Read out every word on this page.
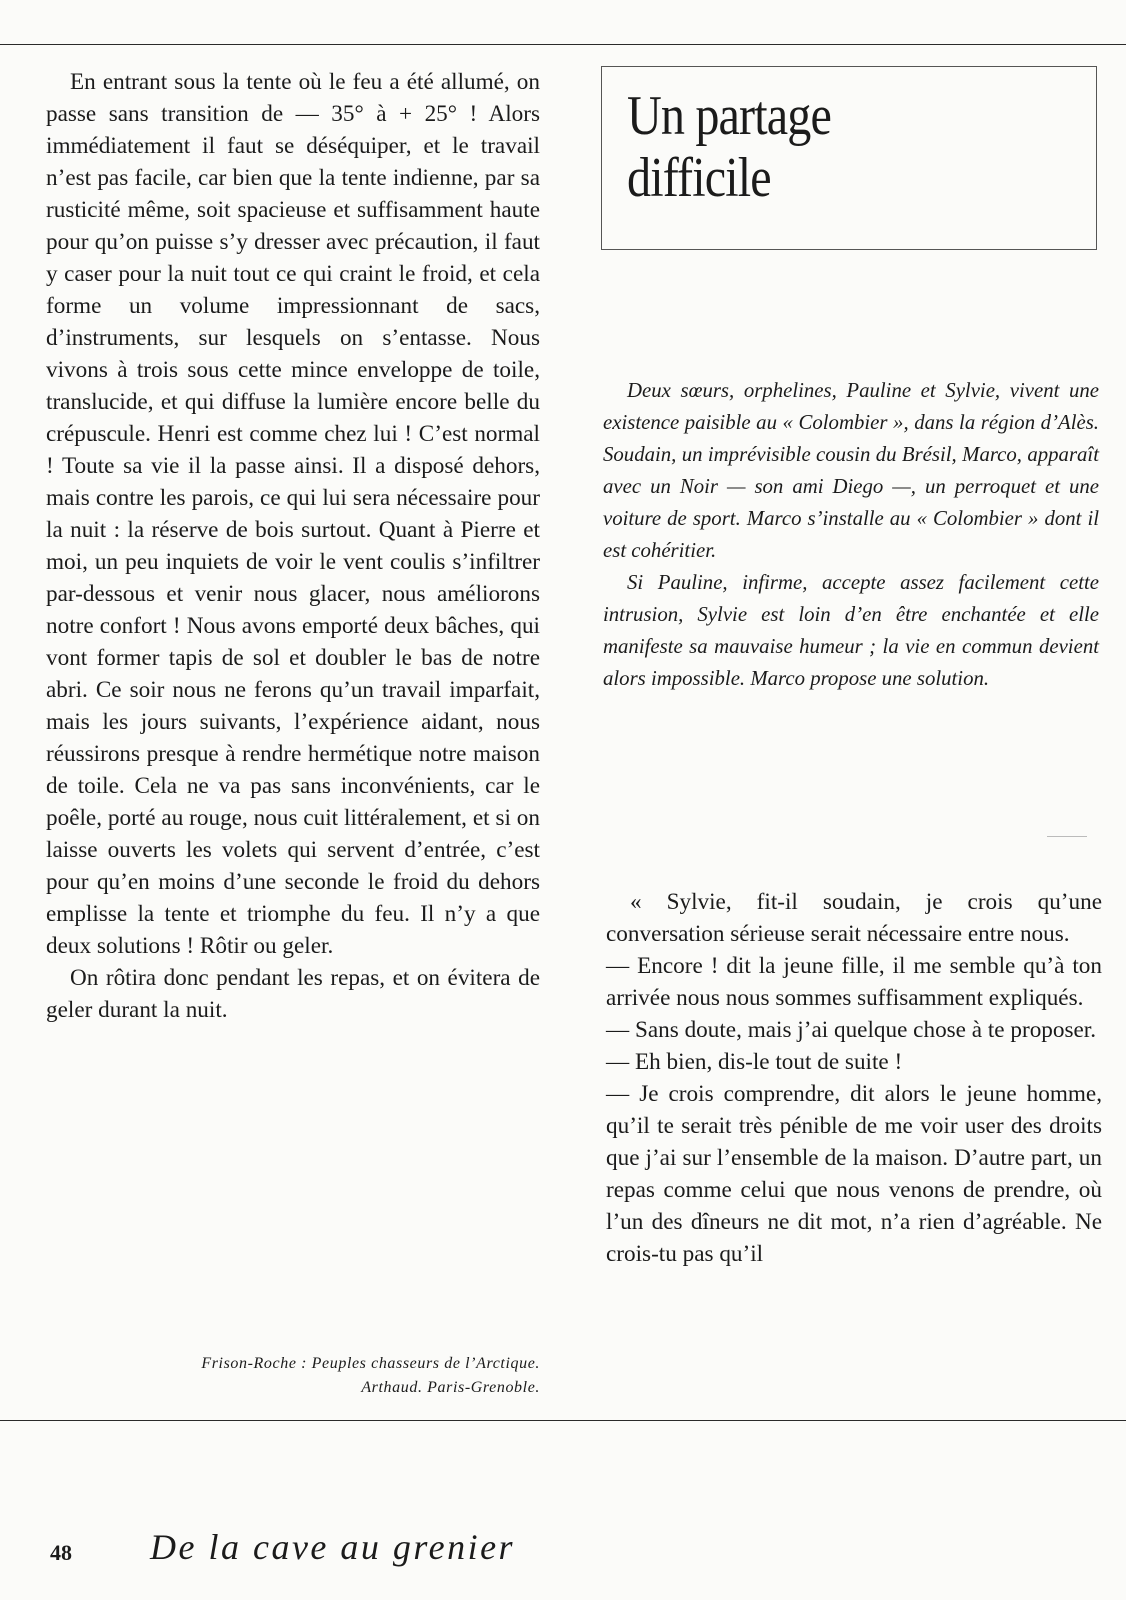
En entrant sous la tente où le feu a été allumé, on passe sans transition de — 35° à + 25° ! Alors immédiatement il faut se déséquiper, et le travail n’est pas facile, car bien que la tente indienne, par sa rusticité même, soit spacieuse et suffisamment haute pour qu’on puisse s’y dresser avec précaution, il faut y caser pour la nuit tout ce qui craint le froid, et cela forme un volume impressionnant de sacs, d’instruments, sur lesquels on s’entasse. Nous vivons à trois sous cette mince enveloppe de toile, translucide, et qui diffuse la lumière encore belle du crépuscule. Henri est comme chez lui ! C’est normal ! Toute sa vie il la passe ainsi. Il a disposé dehors, mais contre les parois, ce qui lui sera nécessaire pour la nuit : la réserve de bois surtout. Quant à Pierre et moi, un peu inquiets de voir le vent coulis s’infiltrer par-dessous et venir nous glacer, nous améliorons notre confort ! Nous avons emporté deux bâches, qui vont former tapis de sol et doubler le bas de notre abri. Ce soir nous ne ferons qu’un travail imparfait, mais les jours suivants, l’expérience aidant, nous réussirons presque à rendre hermétique notre maison de toile. Cela ne va pas sans inconvénients, car le poêle, porté au rouge, nous cuit littéralement, et si on laisse ouverts les volets qui servent d’entrée, c’est pour qu’en moins d’une seconde le froid du dehors emplisse la tente et triomphe du feu. Il n’y a que deux solutions ! Rôtir ou geler.

On rôtira donc pendant les repas, et on évitera de geler durant la nuit.

Frison-Roche : Peuples chasseurs de l’Arctique.
Arthaud. Paris-Grenoble.
Un partage
difficile

Deux sœurs, orphelines, Pauline et Sylvie, vivent une existence paisible au « Colombier », dans la région d’Alès. Soudain, un imprévisible cousin du Brésil, Marco, apparaît avec un Noir — son ami Diego —, un perroquet et une voiture de sport. Marco s’installe au « Colombier » dont il est cohéritier.

Si Pauline, infirme, accepte assez facilement cette intrusion, Sylvie est loin d’en être enchantée et elle manifeste sa mauvaise humeur ; la vie en commun devient alors impossible. Marco propose une solution.

« Sylvie, fit-il soudain, je crois qu’une conversation sérieuse serait nécessaire entre nous.

— Encore ! dit la jeune fille, il me semble qu’à ton arrivée nous nous sommes suffisamment expliqués.

— Sans doute, mais j’ai quelque chose à te proposer.

— Eh bien, dis-le tout de suite !

— Je crois comprendre, dit alors le jeune homme, qu’il te serait très pénible de me voir user des droits que j’ai sur l’ensemble de la maison. D’autre part, un repas comme celui que nous venons de prendre, où l’un des dîneurs ne dit mot, n’a rien d’agréable. Ne crois-tu pas qu’il

48 De la cave au grenier
